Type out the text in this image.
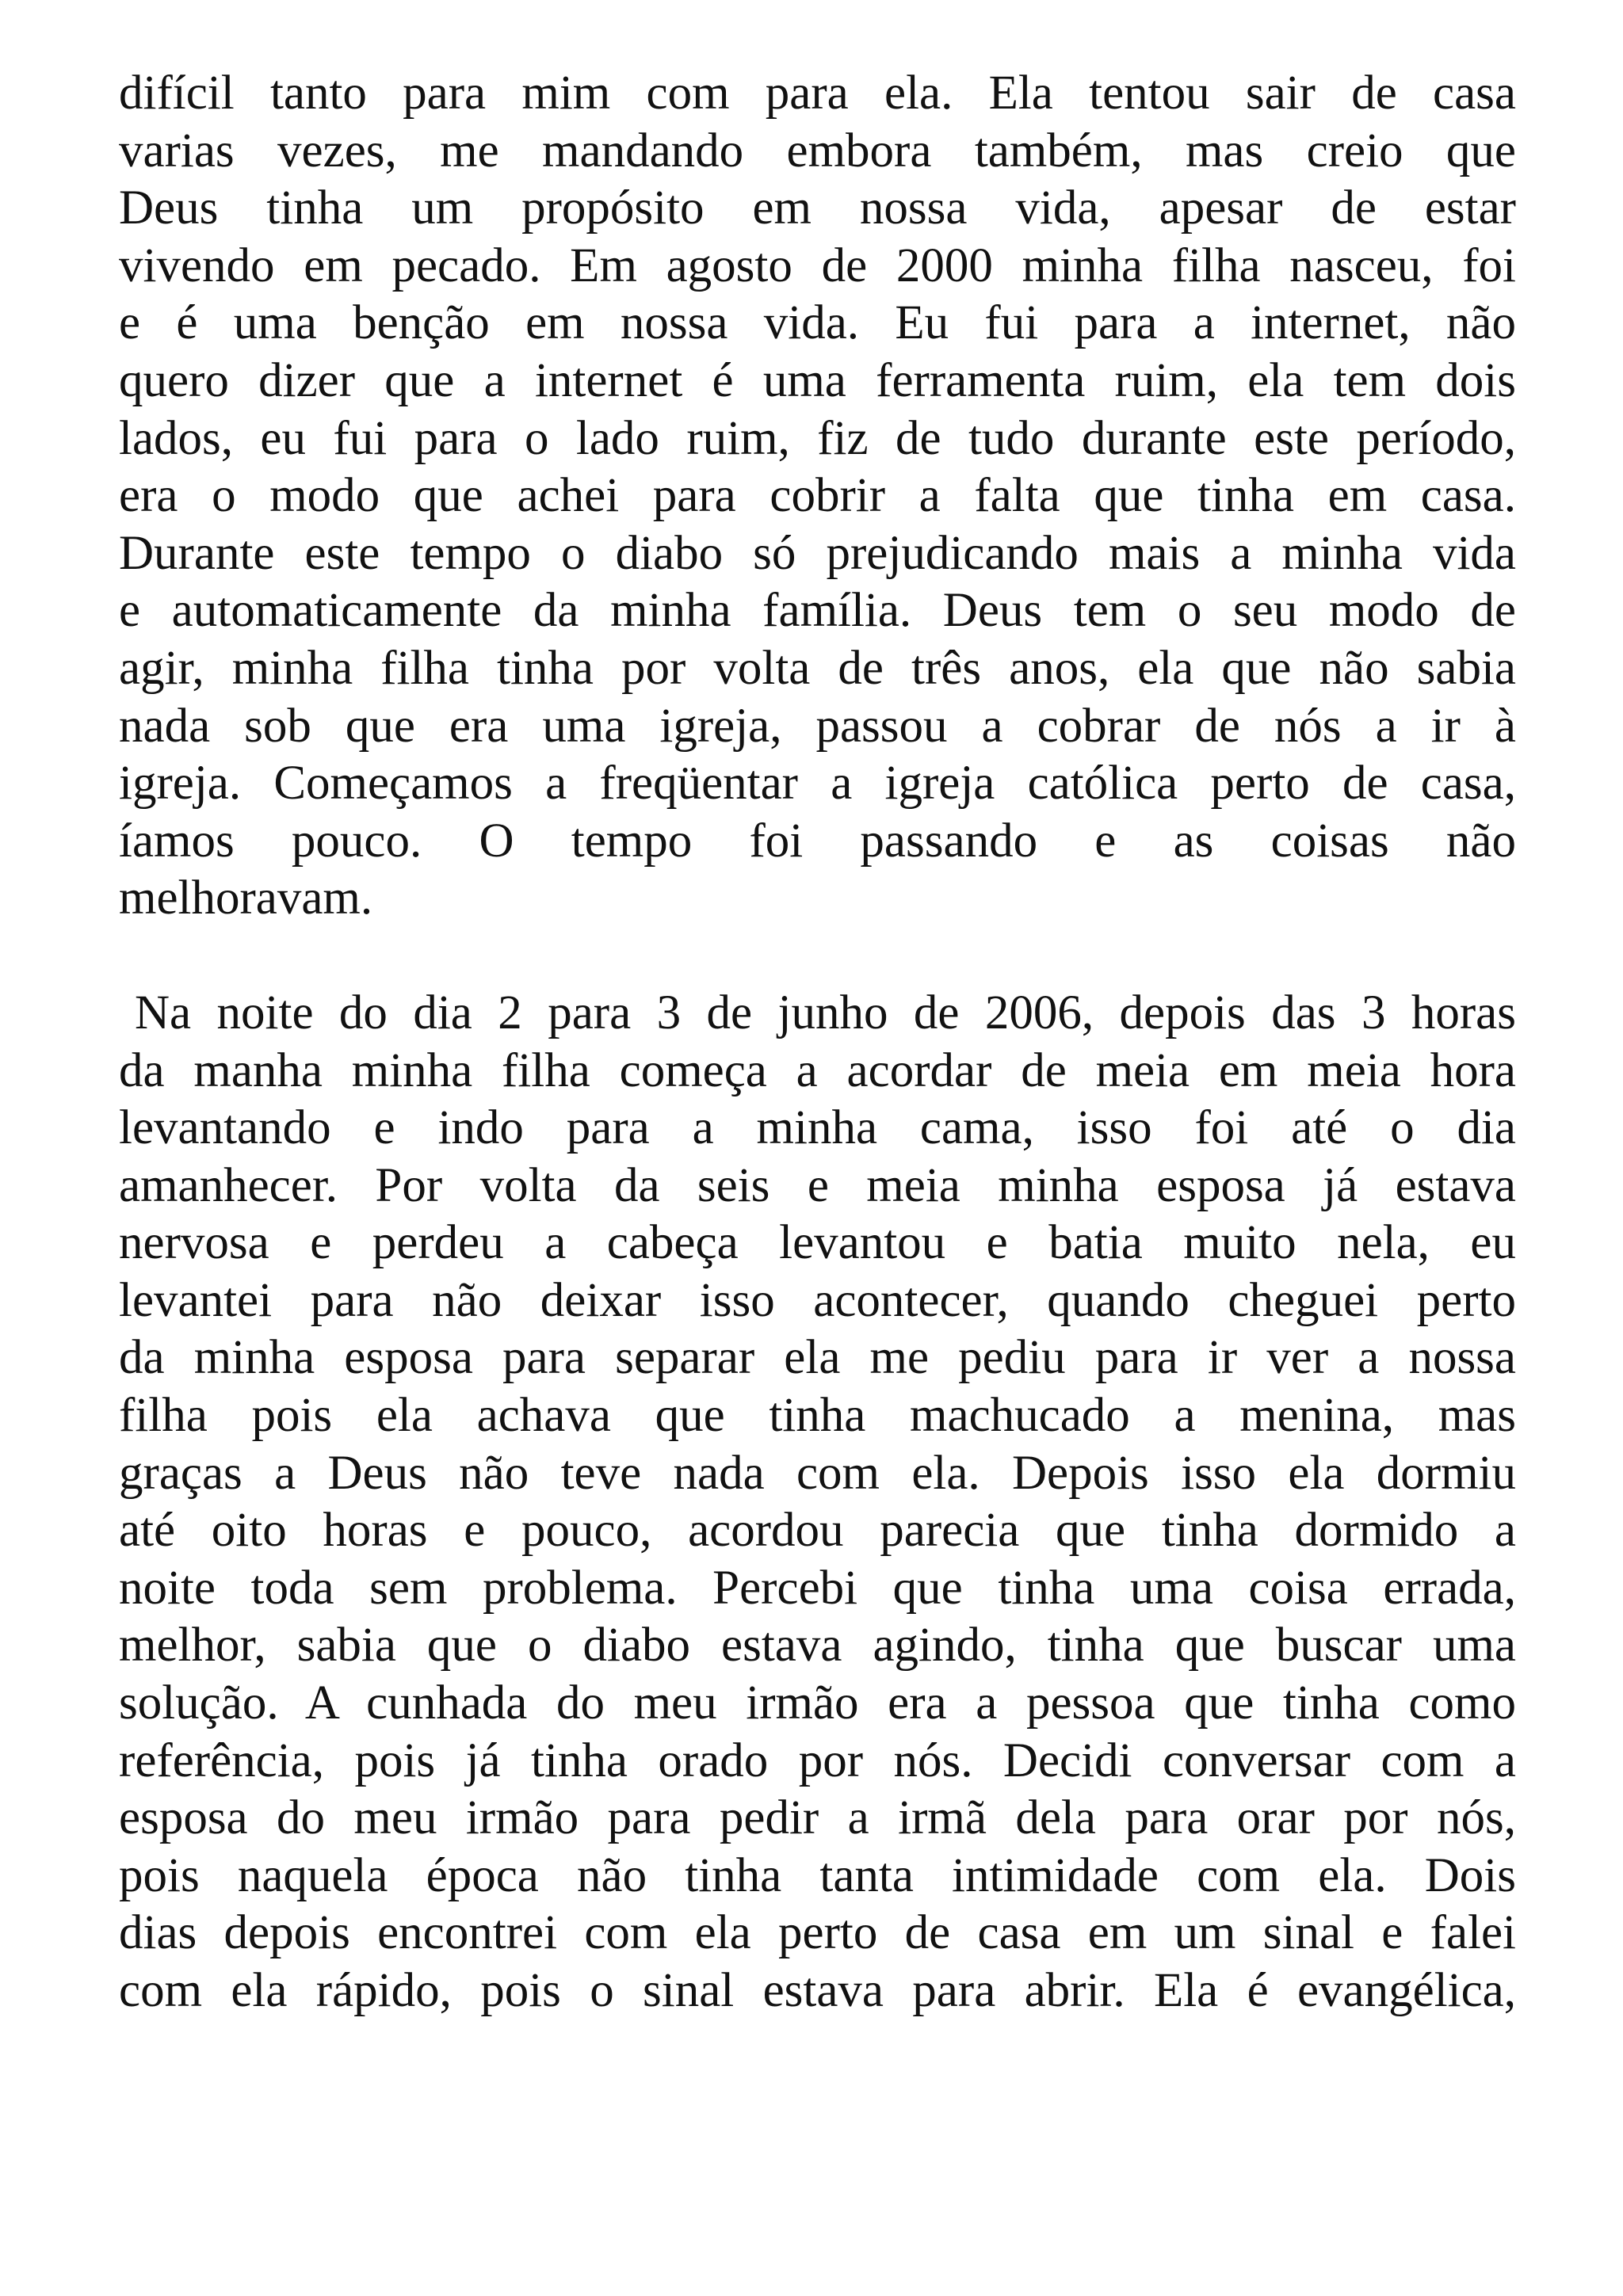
difícil tanto para mim com para ela. Ela tentou sair de casa
varias vezes, me mandando embora também, mas creio que
Deus tinha um propósito em nossa vida, apesar de estar
vivendo em pecado. Em agosto de 2000 minha filha nasceu, foi
e é uma benção em nossa vida. Eu fui para a internet, não
quero dizer que a internet é uma ferramenta ruim, ela tem dois
lados, eu fui para o lado ruim, fiz de tudo durante este período,
era o modo que achei para cobrir a falta que tinha em casa.
Durante este tempo o diabo só prejudicando mais a minha vida
e automaticamente da minha família. Deus tem o seu modo de
agir, minha filha tinha por volta de três anos, ela que não sabia
nada sob que era uma igreja, passou a cobrar de nós a ir à
igreja. Começamos a freqüentar a igreja católica perto de casa,
íamos pouco. O tempo foi passando e as coisas não
melhoravam.
Na noite do dia 2 para 3 de junho de 2006, depois das 3 horas
da manha minha filha começa a acordar de meia em meia hora
levantando e indo para a minha cama, isso foi até o dia
amanhecer. Por volta da seis e meia minha esposa já estava
nervosa e perdeu a cabeça levantou e batia muito nela, eu
levantei para não deixar isso acontecer, quando cheguei perto
da minha esposa para separar ela me pediu para ir ver a nossa
filha pois ela achava que tinha machucado a menina, mas
graças a Deus não teve nada com ela. Depois isso ela dormiu
até oito horas e pouco, acordou parecia que tinha dormido a
noite toda sem problema. Percebi que tinha uma coisa errada,
melhor, sabia que o diabo estava agindo, tinha que buscar uma
solução. A cunhada do meu irmão era a pessoa que tinha como
referência, pois já tinha orado por nós. Decidi conversar com a
esposa do meu irmão para pedir a irmã dela para orar por nós,
pois naquela época não tinha tanta intimidade com ela. Dois
dias depois encontrei com ela perto de casa em um sinal e falei
com ela rápido, pois o sinal estava para abrir. Ela é evangélica,
